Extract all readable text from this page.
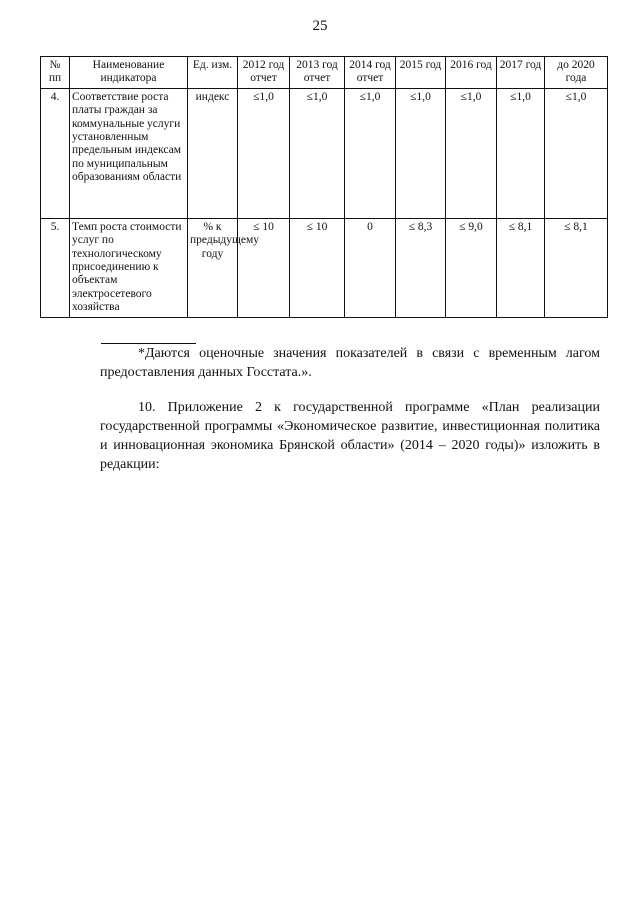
25
№ пп	Наименование индикатора	Ед. изм.	2012 год отчет	2013 год отчет	2014 год отчет	2015 год	2016 год	2017 год	до 2020 года
4.	Соответствие роста платы граждан за коммунальные услуги установленным предельным индексам по муниципальным образованиям области	индекс	≤1,0	≤1,0	≤1,0	≤1,0	≤1,0	≤1,0	≤1,0
5.	Темп роста стоимости услуг по технологическому присоединению к объектам электросетевого хозяйства	% к предыдущему году	≤ 10	≤ 10	0	≤ 8,3	≤ 9,0	≤ 8,1	≤ 8,1
*Даются оценочные значения показателей в связи с временным лагом предоставления данных Госстата.».
10. Приложение 2 к государственной программе «План реализации государственной программы «Экономическое развитие, инвестиционная политика и инновационная экономика Брянской области» (2014 – 2020 годы)» изложить в редакции:
